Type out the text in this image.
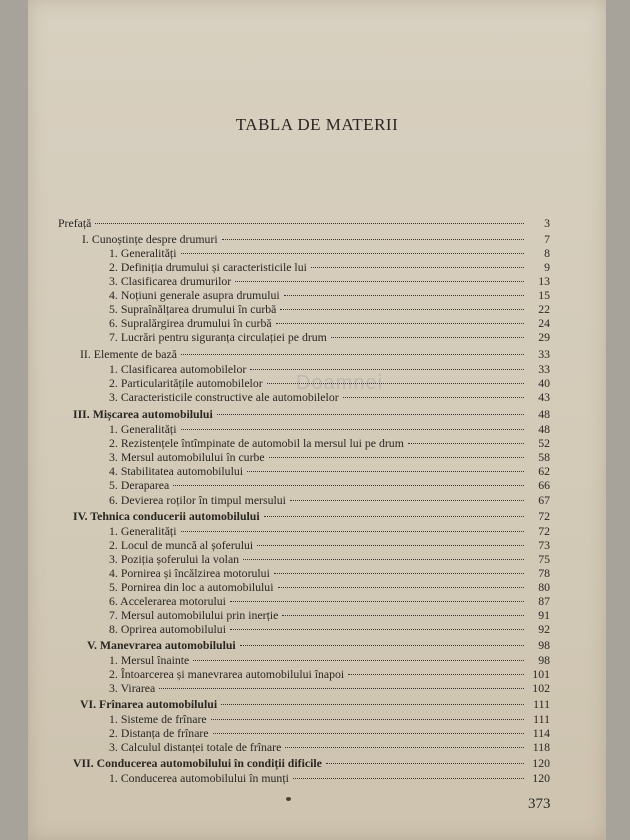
TABLA DE MATERII
Doamnei
Prefață	3
I. Cunoștințe despre drumuri	7
1. Generalități	8
2. Definiția drumului și caracteristicile lui	9
3. Clasificarea drumurilor	13
4. Noțiuni generale asupra drumului	15
5. Supraînălțarea drumului în curbă	22
6. Supralărgirea drumului în curbă	24
7. Lucrări pentru siguranța circulației pe drum	29
II. Elemente de bază	33
1. Clasificarea automobilelor	33
2. Particularitățile automobilelor	40
3. Caracteristicile constructive ale automobilelor	43
III. Mișcarea automobilului	48
1. Generalități	48
2. Rezistențele întîmpinate de automobil la mersul lui pe drum	52
3. Mersul automobilului în curbe	58
4. Stabilitatea automobilului	62
5. Deraparea	66
6. Devierea roților în timpul mersului	67
IV. Tehnica conducerii automobilului	72
1. Generalități	72
2. Locul de muncă al șoferului	73
3. Poziția șoferului la volan	75
4. Pornirea și încălzirea motorului	78
5. Pornirea din loc a automobilului	80
6. Accelerarea motorului	87
7. Mersul automobilului prin inerție	91
8. Oprirea automobilului	92
V. Manevrarea automobilului	98
1. Mersul înainte	98
2. Întoarcerea și manevrarea automobilului înapoi	101
3. Virarea	102
VI. Frînarea automobilului	111
1. Sisteme de frînare	111
2. Distanța de frînare	114
3. Calculul distanței totale de frînare	118
VII. Conducerea automobilului în condiții dificile	120
1. Conducerea automobilului în munți	120
373
